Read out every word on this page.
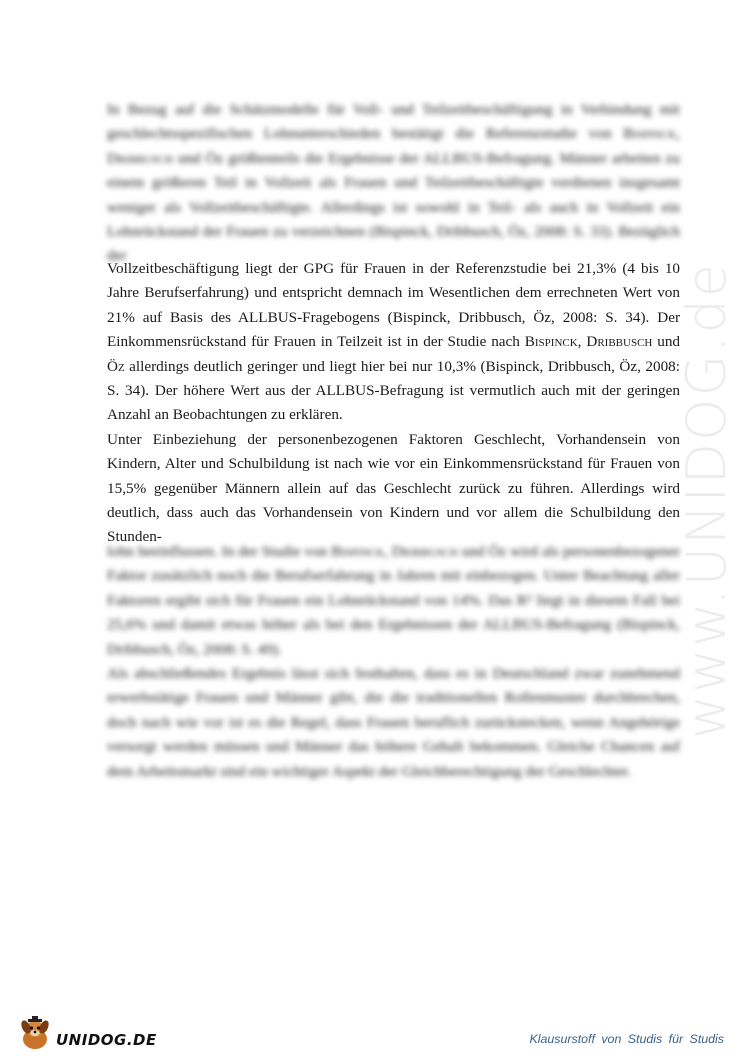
www.UNIDOG.de

In Bezug auf die Schätzmodelle für Voll- und Teilzeitbeschäftigung in Verbindung mit geschlechtsspezifischen Lohnunterschieden bestätigt die Referenzstudie von Bispinck, Dribbusch und Öz größtenteils die Ergebnisse der ALLBUS-Befragung. Männer arbeiten zu einem größeren Teil in Vollzeit als Frauen und Teilzeitbeschäftigte verdienen insgesamt weniger als Vollzeitbeschäftigte. Allerdings ist sowohl in Teil- als auch in Vollzeit ein Lohnrückstand der Frauen zu verzeichnen (Bispinck, Dribbusch, Öz, 2008: S. 33). Bezüglich der

Vollzeitbeschäftigung liegt der GPG für Frauen in der Referenzstudie bei 21,3% (4 bis 10 Jahre Berufserfahrung) und entspricht demnach im Wesentlichen dem errechneten Wert von 21% auf Basis des ALLBUS-Fragebogens (Bispinck, Dribbusch, Öz, 2008: S. 34). Der Einkommensrückstand für Frauen in Teilzeit ist in der Studie nach Bispinck, Dribbusch und Öz allerdings deutlich geringer und liegt hier bei nur 10,3% (Bispinck, Dribbusch, Öz, 2008: S. 34). Der höhere Wert aus der ALLBUS-Befragung ist vermutlich auch mit der geringen Anzahl an Beobachtungen zu erklären.

Unter Einbeziehung der personenbezogenen Faktoren Geschlecht, Vorhandensein von Kindern, Alter und Schulbildung ist nach wie vor ein Einkommensrückstand für Frauen von 15,5% gegenüber Männern allein auf das Geschlecht zurück zu führen. Allerdings wird deutlich, dass auch das Vorhandensein von Kindern und vor allem die Schulbildung den Stunden-

lohn beeinflussen. In der Studie von Bispinck, Dribbusch und Öz wird als personenbezogener Faktor zusätzlich noch die Berufserfahrung in Jahren mit einbezogen. Unter Beachtung aller Faktoren ergibt sich für Frauen ein Lohnrückstand von 14%. Das R² liegt in diesem Fall bei 25,6% und damit etwas höher als bei den Ergebnissen der ALLBUS-Befragung (Bispinck, Dribbusch, Öz, 2008: S. 49).

Als abschließendes Ergebnis lässt sich festhalten, dass es in Deutschland zwar zunehmend erwerbstätige Frauen und Männer gibt, die die traditionellen Rollenmuster durchbrechen, doch nach wie vor ist es die Regel, dass Frauen beruflich zurückstecken, wenn Angehörige versorgt werden müssen und Männer das höhere Gehalt bekommen. Gleiche Chancen auf dem Arbeitsmarkt sind ein wichtiger Aspekt der Gleichberechtigung der Geschlechter.

UNIDOG.DE	Klausurstoff von Studis für Studis
